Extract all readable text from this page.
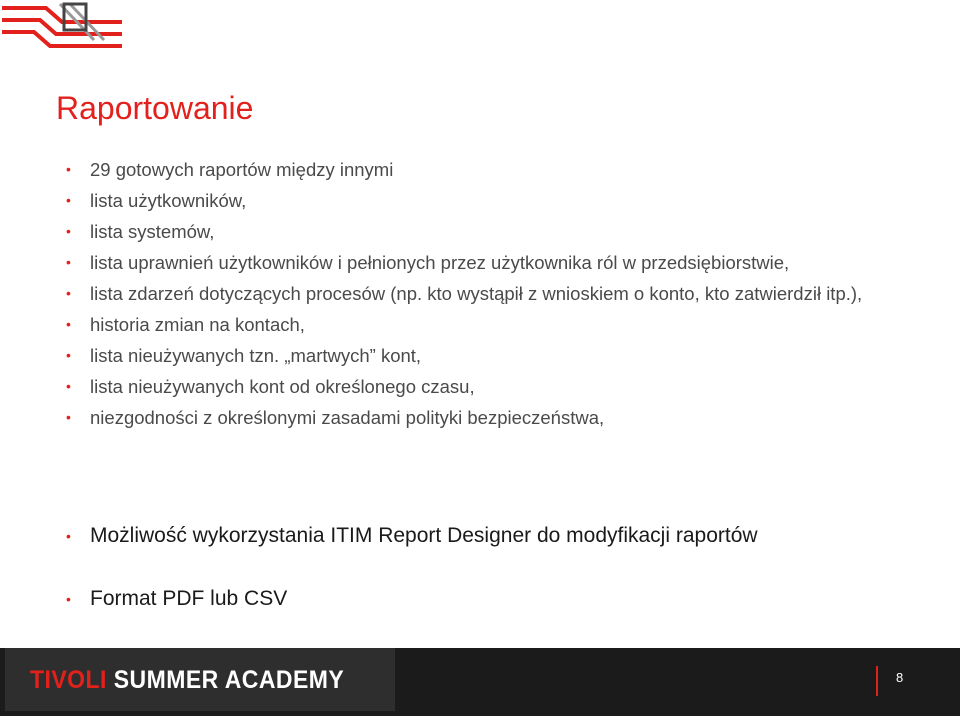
Raportowanie
• 29 gotowych raportów między innymi
• lista użytkowników,
• lista systemów,
• lista uprawnień użytkowników i pełnionych przez użytkownika ról w przedsiębiorstwie,
• lista zdarzeń dotyczących procesów (np. kto wystąpił z wnioskiem o konto, kto zatwierdził itp.),
• historia zmian na kontach,
• lista nieużywanych tzn. „martwych” kont,
• lista nieużywanych kont od określonego czasu,
• niezgodności z określonymi zasadami polityki bezpieczeństwa,
• Możliwość wykorzystania ITIM Report Designer do modyfikacji raportów
• Format PDF lub CSV
TIVOLI SUMMER ACADEMY	8
